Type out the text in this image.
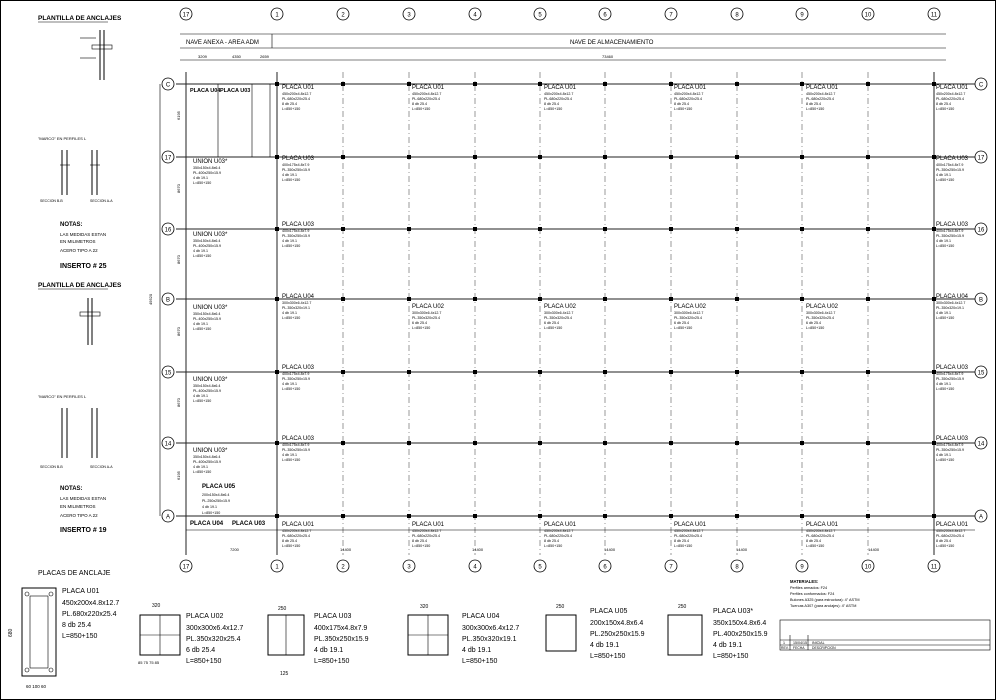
PLANTILLA DE ANCLAJES
"MARCO" EN PERFILES L
SECCION B-B	SECCION A-A
NOTAS:
LAS MEDIDAS ESTAN
EN MILIMETROS
ACERO TIPO A 22
INSERTO # 25
PLANTILLA DE ANCLAJES
"MARCO" EN PERFILES L
SECCION B-B	SECCION A-A
NOTAS:
LAS MEDIDAS ESTAN
EN MILIMETROS
ACERO TIPO A 22
INSERTO # 19
NAVE ANEXA - AREA ADM	NAVE DE ALMACENAMIENTO
3209	4350	2659	73460
17
17
1
1
2
2
3
3
4
4
5
5
6
6
7
7
8
8
9
9
10
10
11
11
C	C
17	17
16	16
B	B
15	15
14	14
A	A
PLACA U01
450x200x4.8x12.7
PL.680x220x25.4
8 db 25.4
L=850+150
PLACA U01
450x200x4.8x12.7
PL.680x220x25.4
8 db 25.4
L=850+150
PLACA U01
450x200x4.8x12.7
PL.680x220x25.4
8 db 25.4
L=850+150
PLACA U01
450x200x4.8x12.7
PL.680x220x25.4
8 db 25.4
L=850+150
PLACA U01
450x200x4.8x12.7
PL.680x220x25.4
8 db 25.4
L=850+150
PLACA U01
450x200x4.8x12.7
PL.680x220x25.4
8 db 25.4
L=850+150
PLACA U01
450x200x4.8x12.7
PL.680x220x25.4
8 db 25.4
L=850+150
PLACA U01
450x200x4.8x12.7
PL.680x220x25.4
8 db 25.4
L=850+150
PLACA U01
450x200x4.8x12.7
PL.680x220x25.4
8 db 25.4
L=850+150
PLACA U01
450x200x4.8x12.7
PL.680x220x25.4
8 db 25.4
L=850+150
PLACA U01
450x200x4.8x12.7
PL.680x220x25.4
8 db 25.4
L=850+150
PLACA U01
450x200x4.8x12.7
PL.680x220x25.4
8 db 25.4
L=850+150
PLACA U02
300x300x6.4x12.7
PL.350x320x25.4
6 db 25.4
L=850+150
PLACA U02
300x300x6.4x12.7
PL.350x320x25.4
6 db 25.4
L=850+150
PLACA U02
300x300x6.4x12.7
PL.350x320x25.4
6 db 25.4
L=850+150
PLACA U02
300x300x6.4x12.7
PL.350x320x25.4
6 db 25.4
L=850+150
PLACA U03
400x175x4.8x7.9
PL.350x250x15.9
4 db 19.1
L=850+150
PLACA U03
400x175x4.8x7.9
PL.350x250x15.9
4 db 19.1
L=850+150
PLACA U03
400x175x4.8x7.9
PL.350x250x15.9
4 db 19.1
L=850+150
PLACA U03
400x175x4.8x7.9
PL.350x250x15.9
4 db 19.1
L=850+150
PLACA U03
400x175x4.8x7.9
PL.350x250x15.9
4 db 19.1
L=850+150
PLACA U03
400x175x4.8x7.9
PL.350x250x15.9
4 db 19.1
L=850+150
PLACA U03
400x175x4.8x7.9
PL.350x250x15.9
4 db 19.1
L=850+150
PLACA U03
400x175x4.8x7.9
PL.350x250x15.9
4 db 19.1
L=850+150
PLACA U04
300x300x6.4x12.7
PL.350x320x19.1
4 db 19.1
L=850+150
PLACA U04
300x300x6.4x12.7
PL.350x320x19.1
4 db 19.1
L=850+150
UNION U03*
350x150x4.8x6.4
PL.400x250x15.9
4 db 19.1
L=850+150
UNION U03*
350x150x4.8x6.4
PL.400x250x15.9
4 db 19.1
L=850+150
UNION U03*
350x150x4.8x6.4
PL.400x250x15.9
4 db 19.1
L=850+150
UNION U03*
350x150x4.8x6.4
PL.400x250x15.9
4 db 19.1
L=850+150
UNION U03*
350x150x4.8x6.4
PL.400x250x15.9
4 db 19.1
L=850+150
7200	14400	14400	14400	14400	14400
6195
8670
8670
8670
8670
6195
49520
PLACA U04 PLACA U03
PLACA U05
200x150x4.8x6.4
PL.250x250x15.9
4 db 19.1
L=850+150
PLACA U04 PLACA U03
PLACAS DE ANCLAJE
680
60 100 60
320
85 75 75 85
250
125
320	250	250
PLACA U01
450x200x4.8x12.7
PL.680x220x25.4
8 db 25.4
L=850+150
PLACA U02
300x300x6.4x12.7
PL.350x320x25.4
6 db 25.4
L=850+150
PLACA U03
400x175x4.8x7.9
PL.350x250x15.9
4 db 19.1
L=850+150
PLACA U04
300x300x6.4x12.7
PL.350x320x19.1
4 db 19.1
L=850+150
PLACA U05
200x150x4.8x6.4
PL.250x250x15.9
4 db 19.1
L=850+150
PLACA U03*
350x150x4.8x6.4
PL.400x250x15.9
4 db 19.1
L=850+150
MATERIALES:
Perfiles armados: F24
Perfiles conformados: F24
Bulones A325 (para estructura): 4" ASTM
Tuercas A307 (para anclajes): 4" ASTM
1 15/04/15 INICIAL
REV. FECHA DESCRIPCION
